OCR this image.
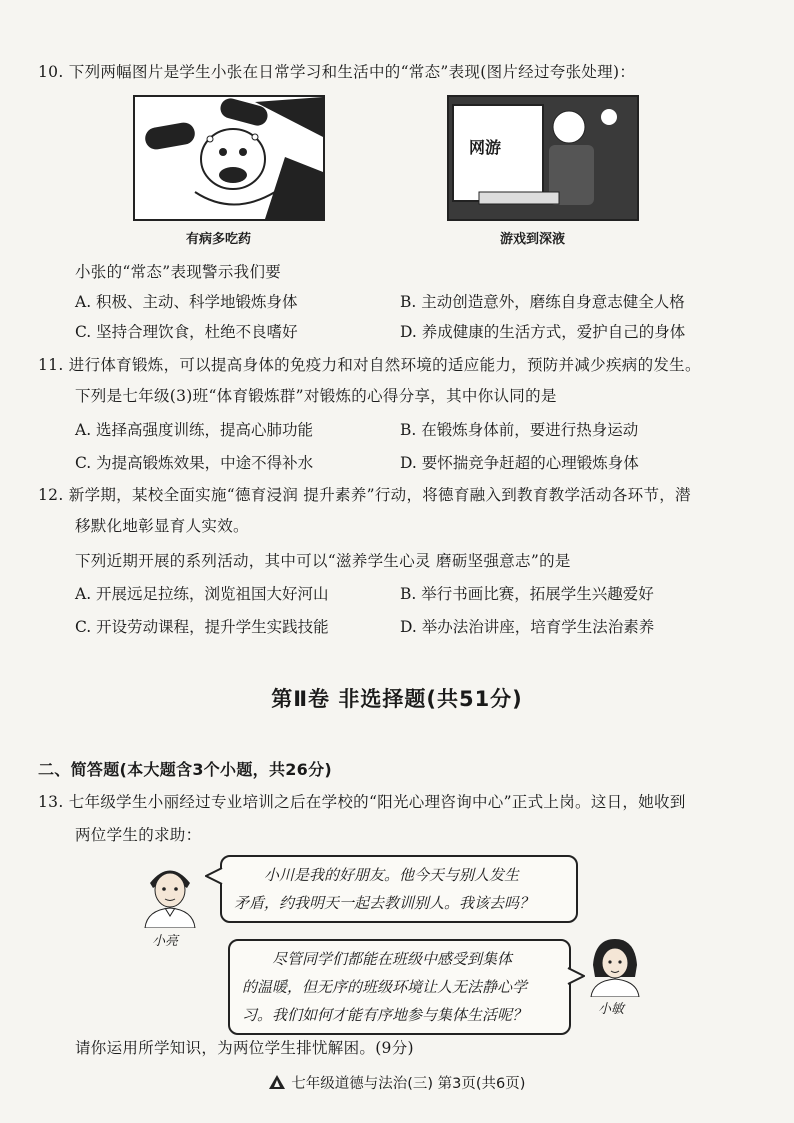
10. 下列两幅图片是学生小张在日常学习和生活中的“常态”表现(图片经过夸张处理)：
有病多吃药
网游
游戏到深液
小张的“常态”表现警示我们要
A. 积极、主动、科学地锻炼身体	B. 主动创造意外，磨练自身意志健全人格
C. 坚持合理饮食，杜绝不良嗜好	D. 养成健康的生活方式，爱护自己的身体
11. 进行体育锻炼，可以提高身体的免疫力和对自然环境的适应能力，预防并减少疾病的发生。
下列是七年级(3)班“体育锻炼群”对锻炼的心得分享，其中你认同的是
A. 选择高强度训练，提高心肺功能	B. 在锻炼身体前，要进行热身运动
C. 为提高锻炼效果，中途不得补水	D. 要怀揣竞争赶超的心理锻炼身体
12. 新学期，某校全面实施“德育浸润 提升素养”行动，将德育融入到教育教学活动各环节，潜
移默化地彰显育人实效。
下列近期开展的系列活动，其中可以“滋养学生心灵 磨砺坚强意志”的是
A. 开展远足拉练，浏览祖国大好河山	B. 举行书画比赛，拓展学生兴趣爱好
C. 开设劳动课程，提升学生实践技能	D. 举办法治讲座，培育学生法治素养
第Ⅱ卷 非选择题(共51分)
二、简答题(本大题含3个小题，共26分)
13. 七年级学生小丽经过专业培训之后在学校的“阳光心理咨询中心”正式上岗。这日，她收到
两位学生的求助：
小亮
小川是我的好朋友。他今天与别人发生
矛盾，约我明天一起去教训别人。我该去吗？
尽管同学们都能在班级中感受到集体
的温暖，但无序的班级环境让人无法静心学
习。我们如何才能有序地参与集体生活呢？	小敏
请你运用所学知识，为两位学生排忧解困。(9分)
七年级道德与法治(三) 第3页(共6页)
